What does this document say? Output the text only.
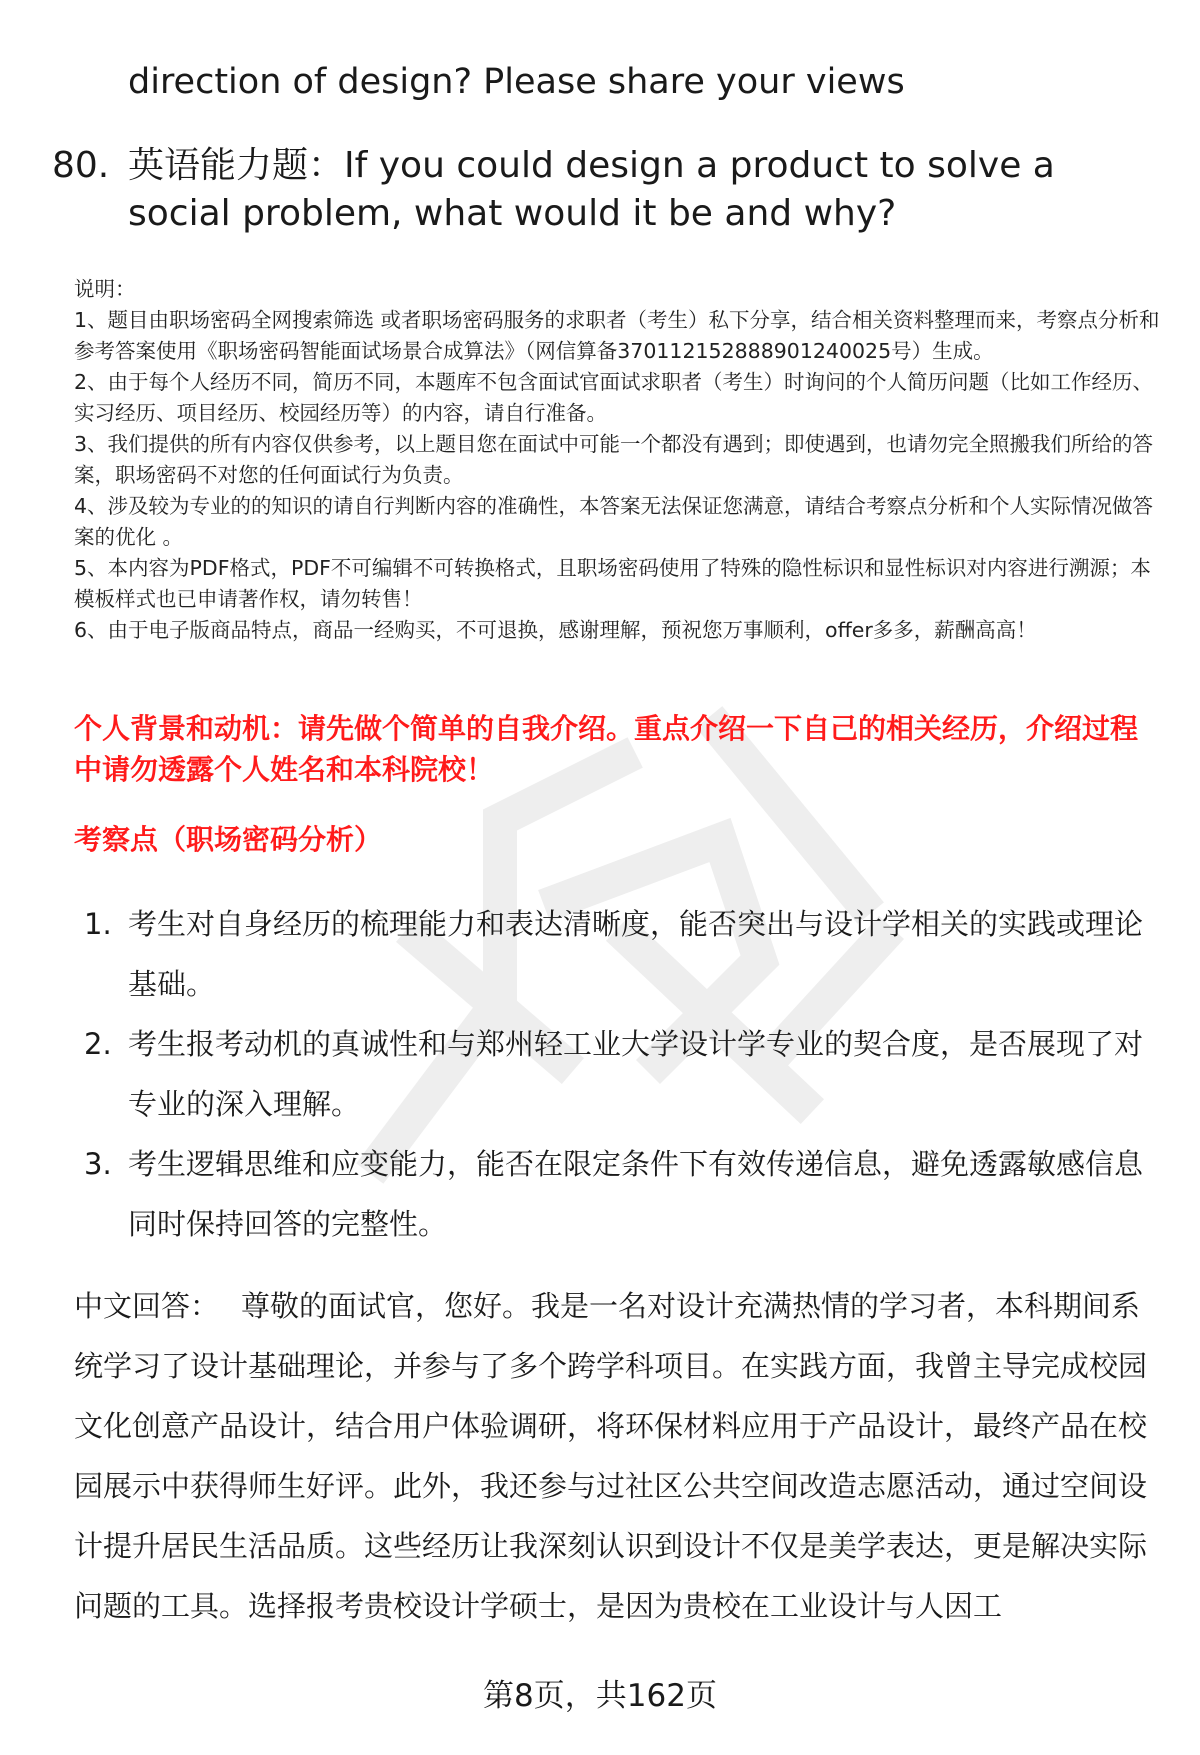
direction of design? Please share your views
80. 英语能力题：If you could design a product to solve a social problem, what would it be and why?

说明：

1、题目由职场密码全网搜索筛选 或者职场密码服务的求职者（考生）私下分享，结合相关资料整理而来，考察点分析和参考答案使用《职场密码智能面试场景合成算法》（网信算备370112152888901240025号）生成。

2、由于每个人经历不同，简历不同，本题库不包含面试官面试求职者（考生）时询问的个人简历问题（比如工作经历、实习经历、项目经历、校园经历等）的内容，请自行准备。

3、我们提供的所有内容仅供参考，以上题目您在面试中可能一个都没有遇到；即使遇到，也请勿完全照搬我们所给的答案，职场密码不对您的任何面试行为负责。

4、涉及较为专业的的知识的请自行判断内容的准确性，本答案无法保证您满意，请结合考察点分析和个人实际情况做答案的优化 。

5、本内容为PDF格式，PDF不可编辑不可转换格式，且职场密码使用了特殊的隐性标识和显性标识对内容进行溯源；本模板样式也已申请著作权，请勿转售！

6、由于电子版商品特点，商品一经购买，不可退换，感谢理解，预祝您万事顺利，offer多多，薪酬高高！

个人背景和动机：请先做个简单的自我介绍。重点介绍一下自己的相关经历，介绍过程中请勿透露个人姓名和本科院校！
考察点（职场密码分析）
1. 考生对自身经历的梳理能力和表达清晰度，能否突出与设计学相关的实践或理论基础。
2. 考生报考动机的真诚性和与郑州轻工业大学设计学专业的契合度，是否展现了对专业的深入理解。
3. 考生逻辑思维和应变能力，能否在限定条件下有效传递信息，避免透露敏感信息同时保持回答的完整性。

中文回答： 尊敬的面试官，您好。我是一名对设计充满热情的学习者，本科期间系统学习了设计基础理论，并参与了多个跨学科项目。在实践方面，我曾主导完成校园文化创意产品设计，结合用户体验调研，将环保材料应用于产品设计，最终产品在校园展示中获得师生好评。此外，我还参与过社区公共空间改造志愿活动，通过空间设计提升居民生活品质。这些经历让我深刻认识到设计不仅是美学表达，更是解决实际问题的工具。选择报考贵校设计学硕士，是因为贵校在工业设计与人因工

第8页，共162页
